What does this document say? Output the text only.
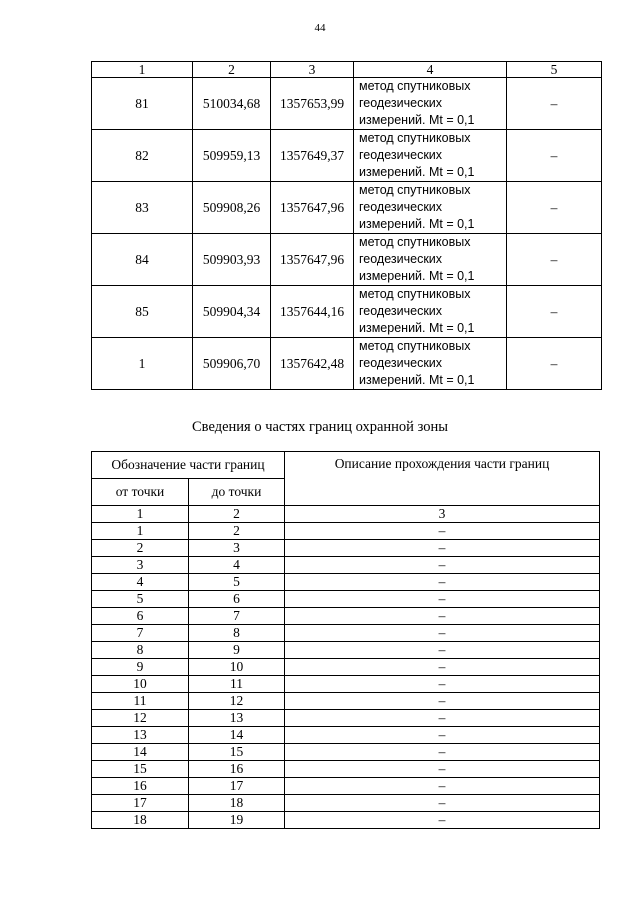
44
1	2	3	4	5
81	510034,68	1357653,99	метод спутниковых
геодезических
измерений. Mt = 0,1	–
82	509959,13	1357649,37	метод спутниковых
геодезических
измерений. Mt = 0,1	–
83	509908,26	1357647,96	метод спутниковых
геодезических
измерений. Mt = 0,1	–
84	509903,93	1357647,96	метод спутниковых
геодезических
измерений. Mt = 0,1	–
85	509904,34	1357644,16	метод спутниковых
геодезических
измерений. Mt = 0,1	–
1	509906,70	1357642,48	метод спутниковых
геодезических
измерений. Mt = 0,1	–
Сведения о частях границ охранной зоны
Обозначение части границ		Описание прохождения части границ
от точки	до точки	
1	2	3
1	2	–
2	3	–
3	4	–
4	5	–
5	6	–
6	7	–
7	8	–
8	9	–
9	10	–
10	11	–
11	12	–
12	13	–
13	14	–
14	15	–
15	16	–
16	17	–
17	18	–
18	19	–
